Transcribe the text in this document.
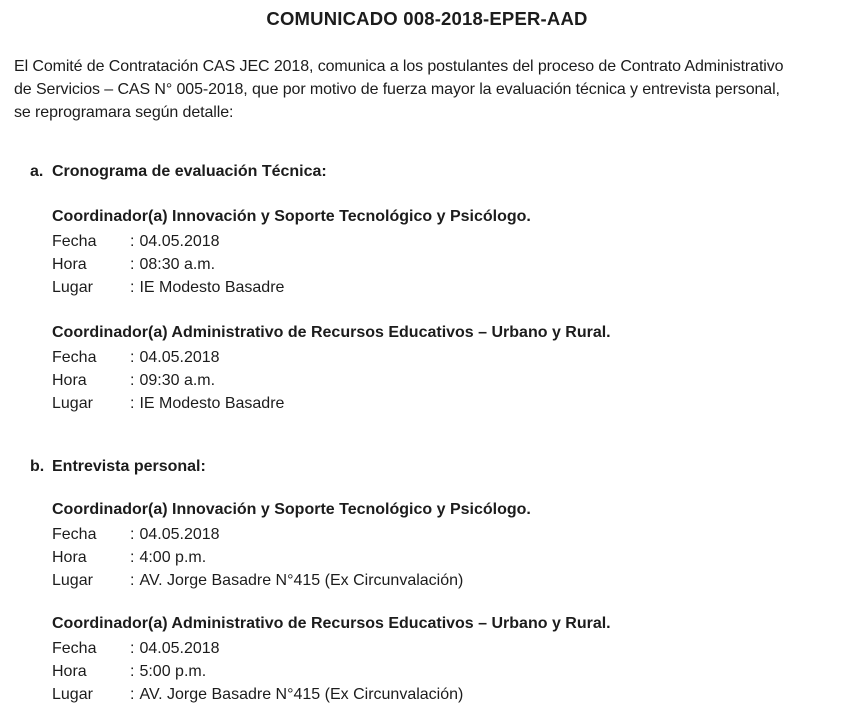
COMUNICADO 008-2018-EPER-AAD
El Comité de Contratación CAS JEC 2018, comunica a los postulantes del proceso de Contrato Administrativo
de Servicios – CAS N° 005-2018, que por motivo de fuerza mayor la evaluación técnica y entrevista personal,
se reprogramara según detalle:
a. Cronograma de evaluación Técnica:
Coordinador(a) Innovación y Soporte Tecnológico y Psicólogo.
Fecha	: 04.05.2018
Hora	: 08:30 a.m.
Lugar	: IE Modesto Basadre
Coordinador(a) Administrativo de Recursos Educativos – Urbano y Rural.
Fecha	: 04.05.2018
Hora	: 09:30 a.m.
Lugar	: IE Modesto Basadre
b. Entrevista personal:
Coordinador(a) Innovación y Soporte Tecnológico y Psicólogo.
Fecha	: 04.05.2018
Hora	: 4:00 p.m.
Lugar	: AV. Jorge Basadre N°415 (Ex Circunvalación)
Coordinador(a) Administrativo de Recursos Educativos – Urbano y Rural.
Fecha	: 04.05.2018
Hora	: 5:00 p.m.
Lugar	: AV. Jorge Basadre N°415 (Ex Circunvalación)
